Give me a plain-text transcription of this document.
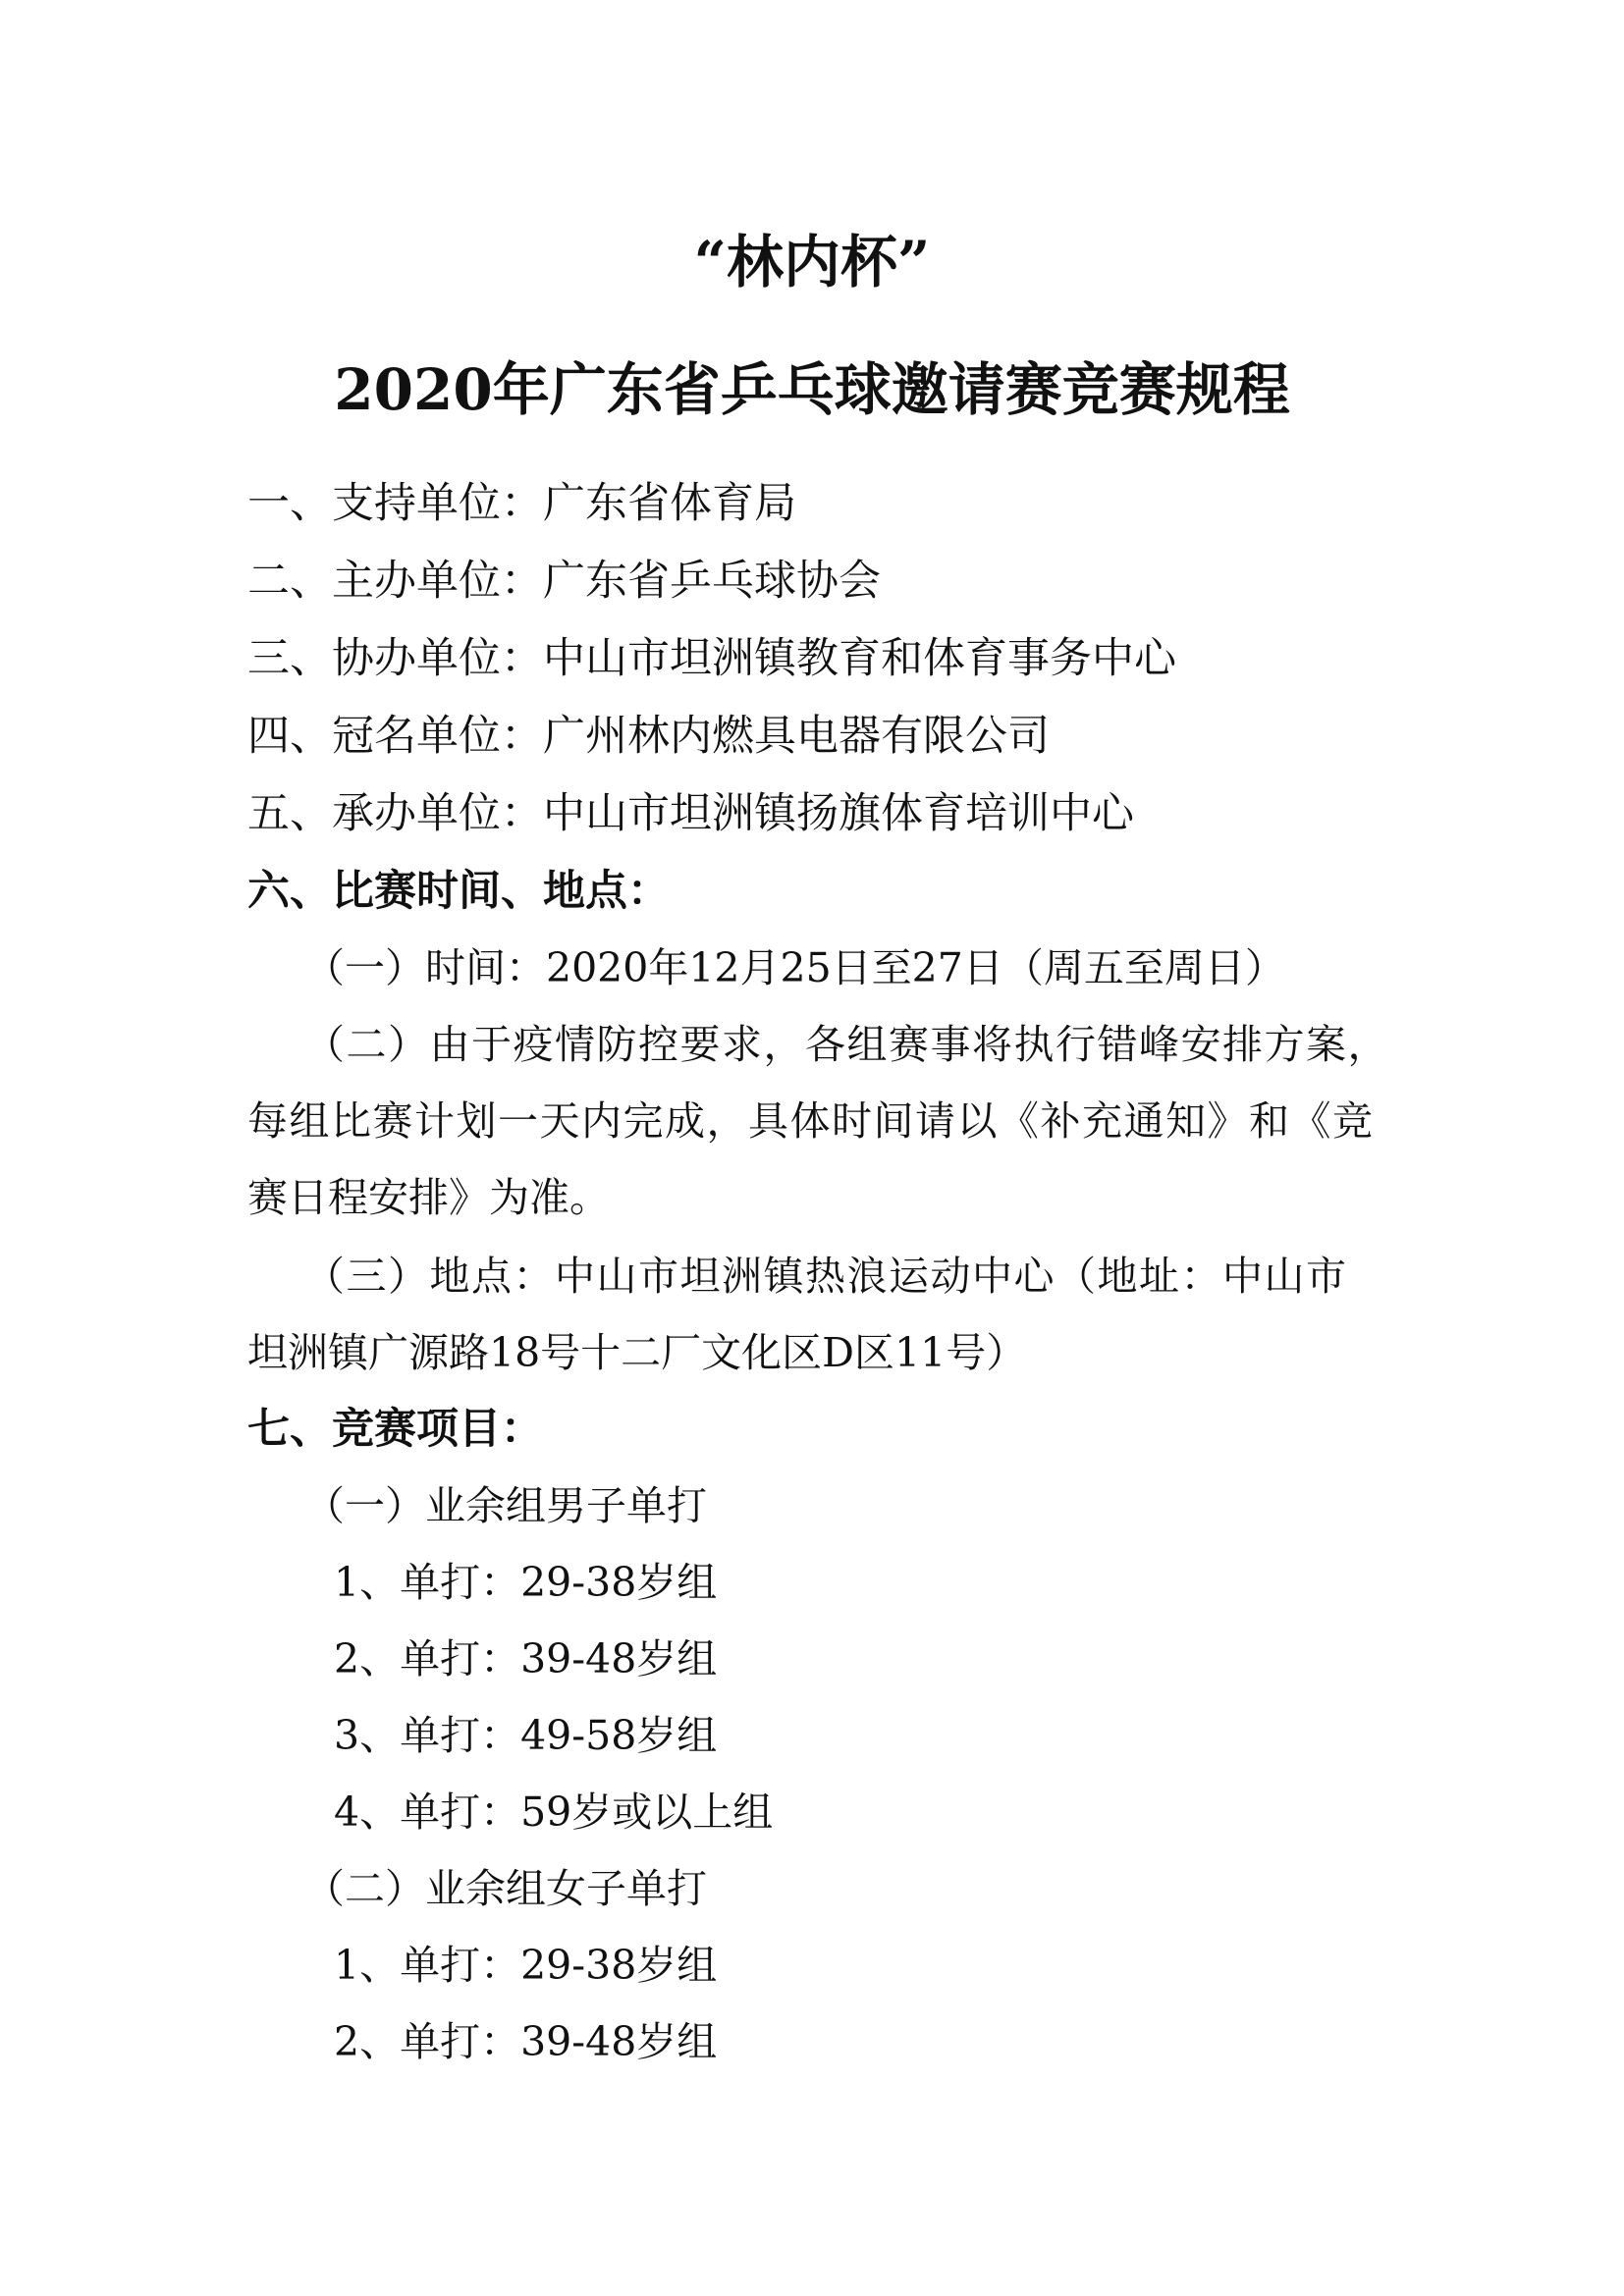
“林内杯”
2020年广东省乒乓球邀请赛竞赛规程
一、支持单位：广东省体育局
二、主办单位：广东省乒乓球协会
三、协办单位：中山市坦洲镇教育和体育事务中心
四、冠名单位：广州林内燃具电器有限公司
五、承办单位：中山市坦洲镇扬旗体育培训中心
六、比赛时间、地点：
（一）时间：2020年12月25日至27日（周五至周日）
（二）由于疫情防控要求，各组赛事将执行错峰安排方案，
每组比赛计划一天内完成，具体时间请以《补充通知》和《竞
赛日程安排》为准。
（三）地点：中山市坦洲镇热浪运动中心（地址：中山市
坦洲镇广源路18号十二厂文化区D区11号）
七、竞赛项目：
（一）业余组男子单打
1、单打：29-38岁组
2、单打：39-48岁组
3、单打：49-58岁组
4、单打：59岁或以上组
（二）业余组女子单打
1、单打：29-38岁组
2、单打：39-48岁组
